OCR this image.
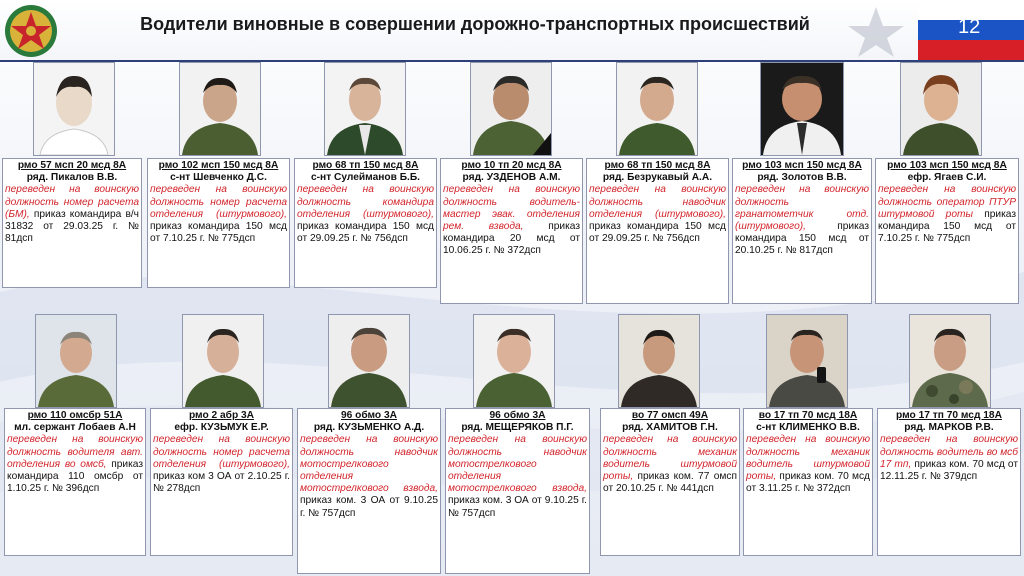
Водители виновные в совершении дорожно-транспортных происшествий	12
рмо 57 мсп 20 мсд 8А
ряд. Пикалов В.В.
переведен на воинскую должность номер расчета (БМ), приказ командира в/ч 31832 от 29.03.25 г. № 81дсп
рмо 102 мсп 150 мсд 8А
с-нт Шевченко Д.С.
переведен на воинскую должность номер расчета отделения (штурмового), приказ командира 150 мсд от 7.10.25 г. № 775дсп
рмо 68 тп 150 мсд 8А
с-нт Сулейманов Б.Б.
переведен на воинскую должность командира отделения (штурмового), приказ командира 150 мсд от 29.09.25 г. № 756дсп
рмо 10 тп 20 мсд 8А
ряд. УЗДЕНОВ А.М.
переведен на воинскую должность водитель-мастер эвак. отделения рем. взвода, приказ командира 20 мсд от 10.06.25 г. № 372дсп
рмо 68 тп 150 мсд 8А
ряд. Безрукавый А.А.
переведен на воинскую должность наводчик отделения (штурмового), приказ командира 150 мсд от 29.09.25 г. № 756дсп
рмо 103 мсп 150 мсд 8А
ряд. Золотов В.В.
переведен на воинскую должность гранатометчик отд. (штурмового), приказ командира 150 мсд от 20.10.25 г. № 817дсп
рмо 103 мсп 150 мсд 8А
ефр. Ягаев С.И.
переведен на воинскую должность оператор ПТУР штурмовой роты приказ командира 150 мсд от 7.10.25 г. № 775дсп
рмо 110 омсбр 51А
мл. сержант Лобаев А.Н
переведен на воинскую должность водителя авт. отделения во омсб, приказ командира 110 омсбр от 1.10.25 г. № 396дсп
рмо 2 абр 3А
ефр. КУЗЬМУК Е.Р.
переведен на воинскую должность номер расчета отделения (штурмового), приказ ком 3 ОА от 2.10.25 г. № 278дсп
96 обмо 3А
ряд. КУЗЬМЕНКО А.Д.
переведен на воинскую должность наводчик мотострелкового отделения мотострелкового взвода, приказ ком. 3 ОА от 9.10.25 г. № 757дсп
96 обмо 3А
ряд. МЕЩЕРЯКОВ П.Г.
переведен на воинскую должность наводчик мотострелкового отделения мотострелкового взвода, приказ ком. 3 ОА от 9.10.25 г. № 757дсп
во 77 омсп 49А
ряд. ХАМИТОВ Г.Н.
переведен на воинскую должность механик водитель штурмовой роты, приказ ком. 77 омсп от 20.10.25 г. № 441дсп
во 17 тп 70 мсд 18А
с-нт КЛИМЕНКО В.В.
переведен на воинскую должность механик водитель штурмовой роты, приказ ком. 70 мсд от 3.11.25 г. № 372дсп
рмо 17 тп 70 мсд 18А
ряд. МАРКОВ Р.В.
переведен на воинскую должность водитель во мсб 17 тп, приказ ком. 70 мсд от 12.11.25 г. № 379дсп
